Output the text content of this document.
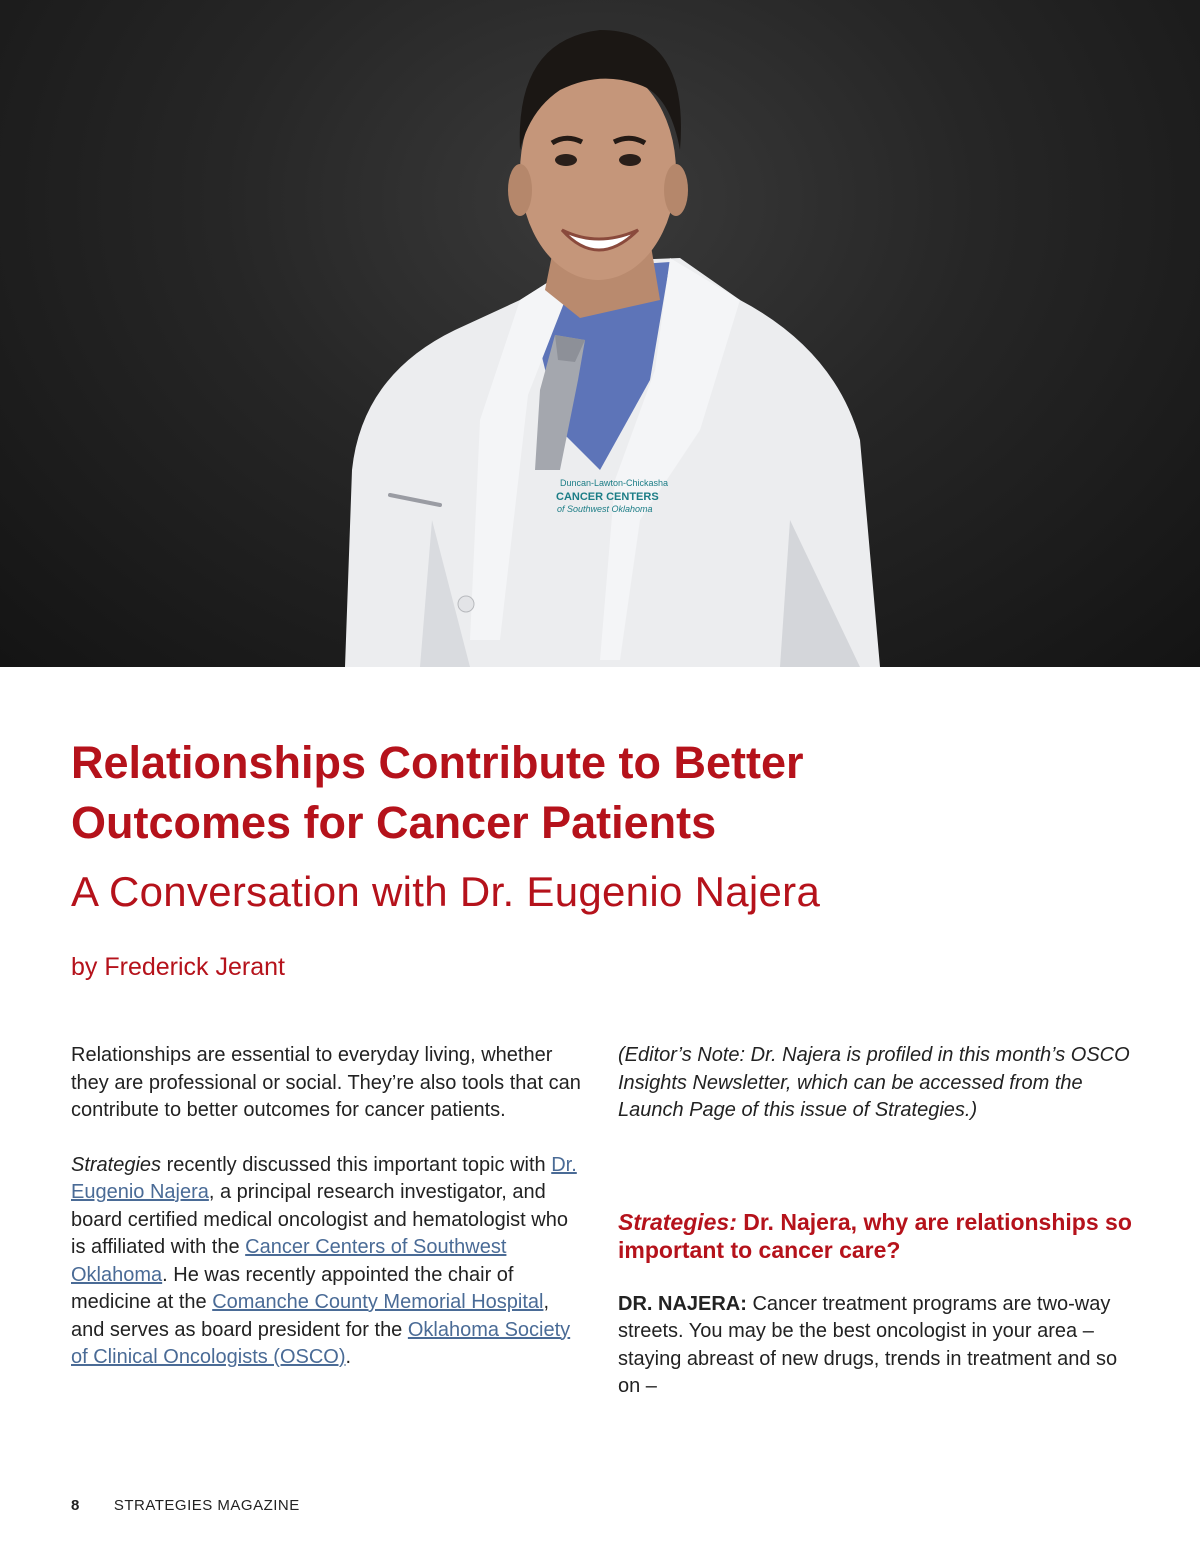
Duncan-Lawton-Chickasha
CANCER CENTERS
of Southwest Oklahoma
Relationships Contribute to Better
Outcomes for Cancer Patients
A Conversation with Dr. Eugenio Najera

by Frederick Jerant

Relationships are essential to everyday living, whether they are professional or social. They’re also tools that can contribute to better outcomes for cancer patients.

Strategies recently discussed this important topic with Dr. Eugenio Najera, a principal research investigator, and board certified medical oncologist and hematologist who is affiliated with the Cancer Centers of Southwest Oklahoma. He was recently appointed the chair of medicine at the Comanche County Memorial Hospital, and serves as board president for the Oklahoma Society of Clinical Oncologists (OSCO).

(Editor’s Note: Dr. Najera is profiled in this month’s OSCO Insights Newsletter, which can be accessed from the Launch Page of this issue of Strategies.)

Strategies: Dr. Najera, why are relationships so important to cancer care?

DR. NAJERA: Cancer treatment programs are two-way streets. You may be the best oncologist in your area – staying abreast of new drugs, trends in treatment and so on –

8 STRATEGIES MAGAZINE
